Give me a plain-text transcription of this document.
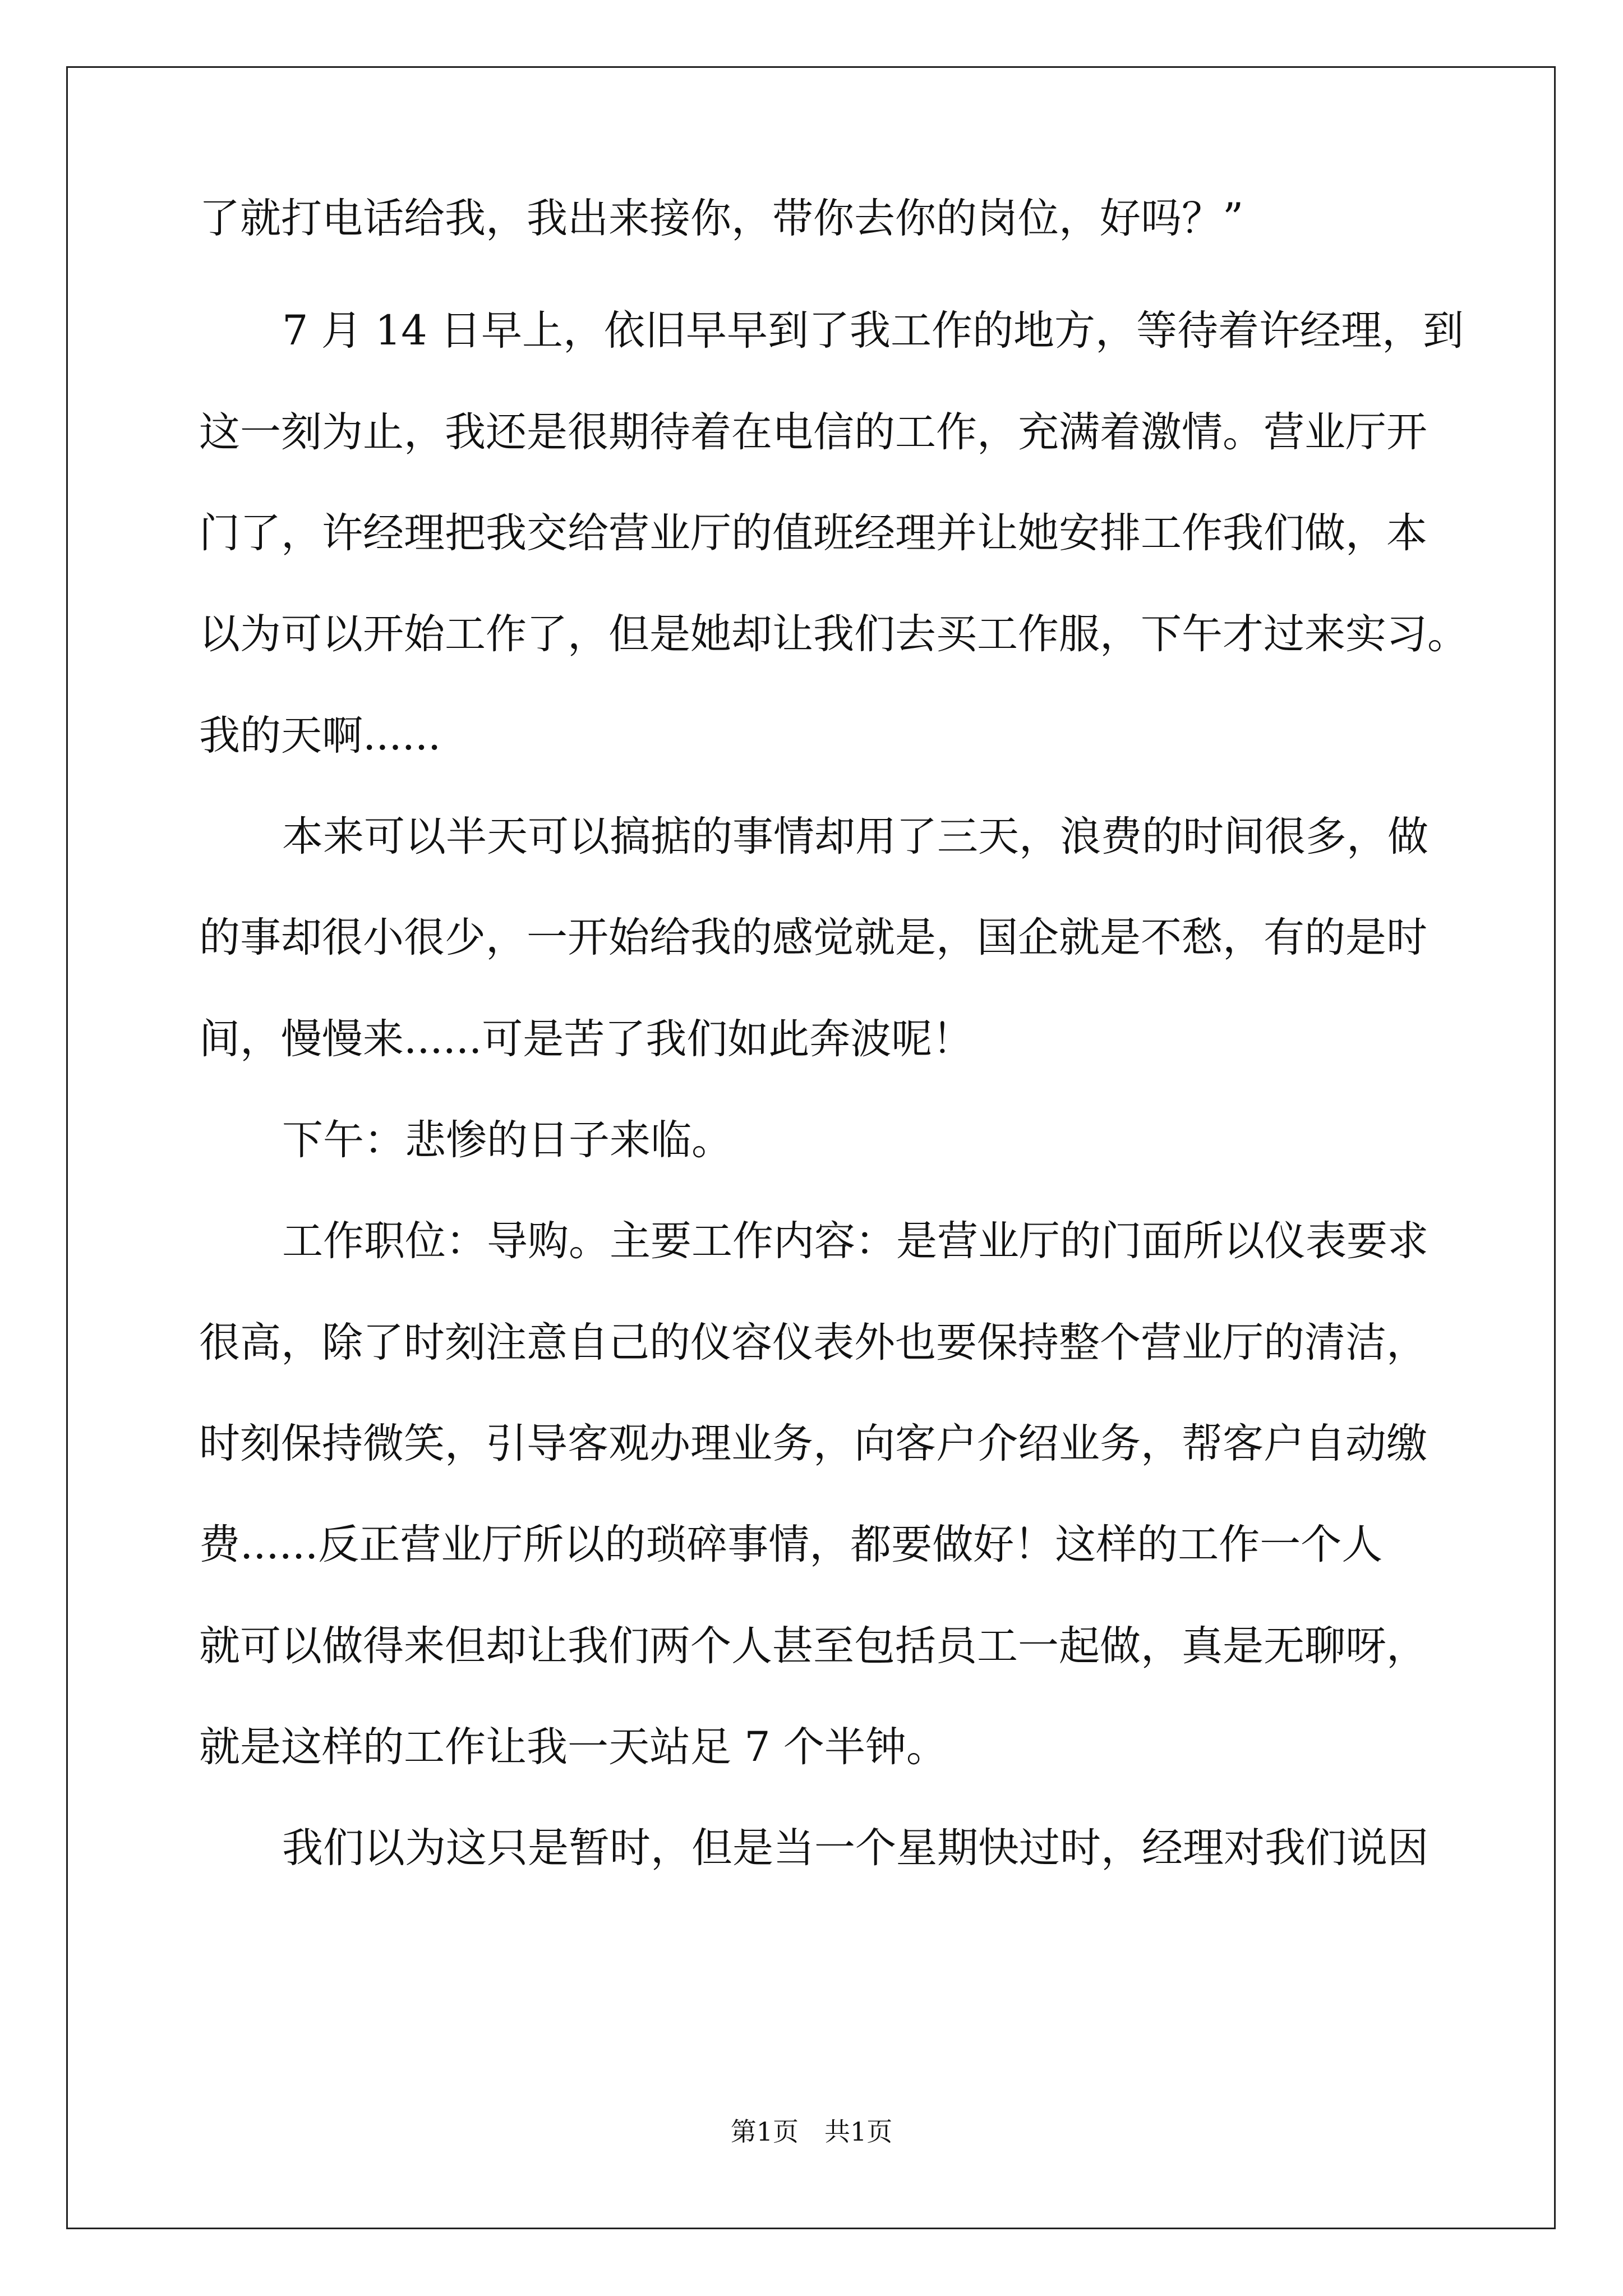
了就打电话给我，我出来接你，带你去你的岗位，好吗？”
7 月 14 日早上，依旧早早到了我工作的地方，等待着许经理，到
这一刻为止，我还是很期待着在电信的工作，充满着激情。营业厅开
门了，许经理把我交给营业厅的值班经理并让她安排工作我们做，本
以为可以开始工作了，但是她却让我们去买工作服，下午才过来实习。
我的天啊......
本来可以半天可以搞掂的事情却用了三天，浪费的时间很多，做
的事却很小很少，一开始给我的感觉就是，国企就是不愁，有的是时
间，慢慢来......可是苦了我们如此奔波呢！
下午：悲惨的日子来临。
工作职位：导购。主要工作内容：是营业厅的门面所以仪表要求
很高，除了时刻注意自己的仪容仪表外也要保持整个营业厅的清洁，
时刻保持微笑，引导客观办理业务，向客户介绍业务，帮客户自动缴
费......反正营业厅所以的琐碎事情，都要做好！这样的工作一个人
就可以做得来但却让我们两个人甚至包括员工一起做，真是无聊呀，
就是这样的工作让我一天站足 7 个半钟。
我们以为这只是暂时，但是当一个星期快过时，经理对我们说因
第1页　共1页
